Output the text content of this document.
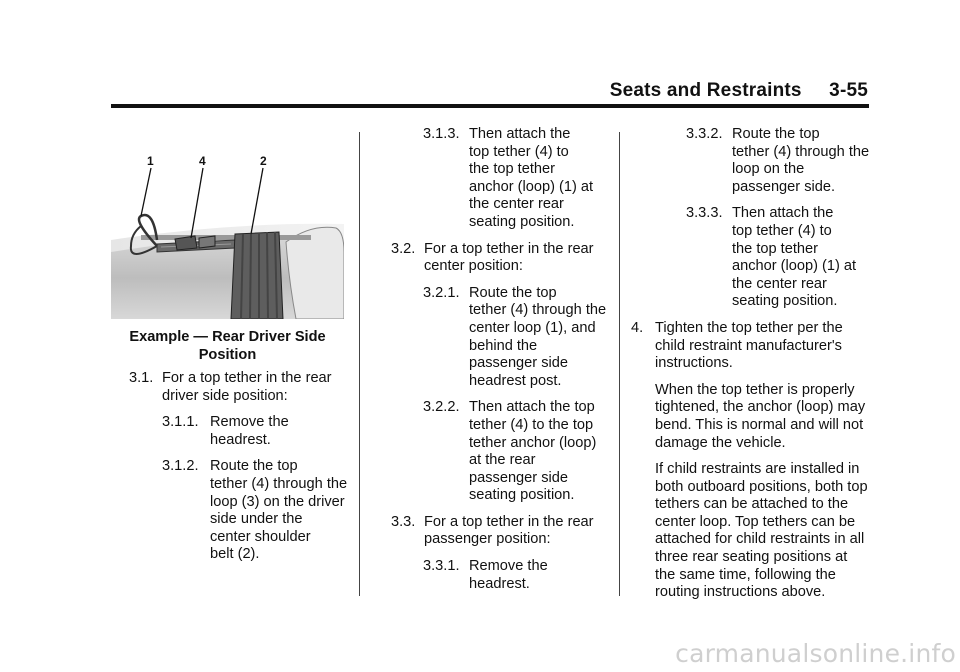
Seats and Restraints 3-55
1	4	2
Example — Rear Driver Side
Position
3.1. For a top tether in the rear
driver side position:
3.1.1. Remove the
headrest.
3.1.2. Route the top
tether (4) through the
loop (3) on the driver
side under the
center shoulder
belt (2).
3.1.3. Then attach the
top tether (4) to
the top tether
anchor (loop) (1) at
the center rear
seating position.
3.2. For a top tether in the rear
center position:
3.2.1. Route the top
tether (4) through the
center loop (1), and
behind the
passenger side
headrest post.
3.2.2. Then attach the top
tether (4) to the top
tether anchor (loop)
at the rear
passenger side
seating position.
3.3. For a top tether in the rear
passenger position:
3.3.1. Remove the
headrest.
3.3.2. Route the top
tether (4) through the
loop on the
passenger side.
3.3.3. Then attach the
top tether (4) to
the top tether
anchor (loop) (1) at
the center rear
seating position.
4. Tighten the top tether per the
child restraint manufacturer's
instructions.
When the top tether is properly
tightened, the anchor (loop) may
bend. This is normal and will not
damage the vehicle.
If child restraints are installed in
both outboard positions, both top
tethers can be attached to the
center loop. Top tethers can be
attached for child restraints in all
three rear seating positions at
the same time, following the
routing instructions above.
carmanualsonline.info
